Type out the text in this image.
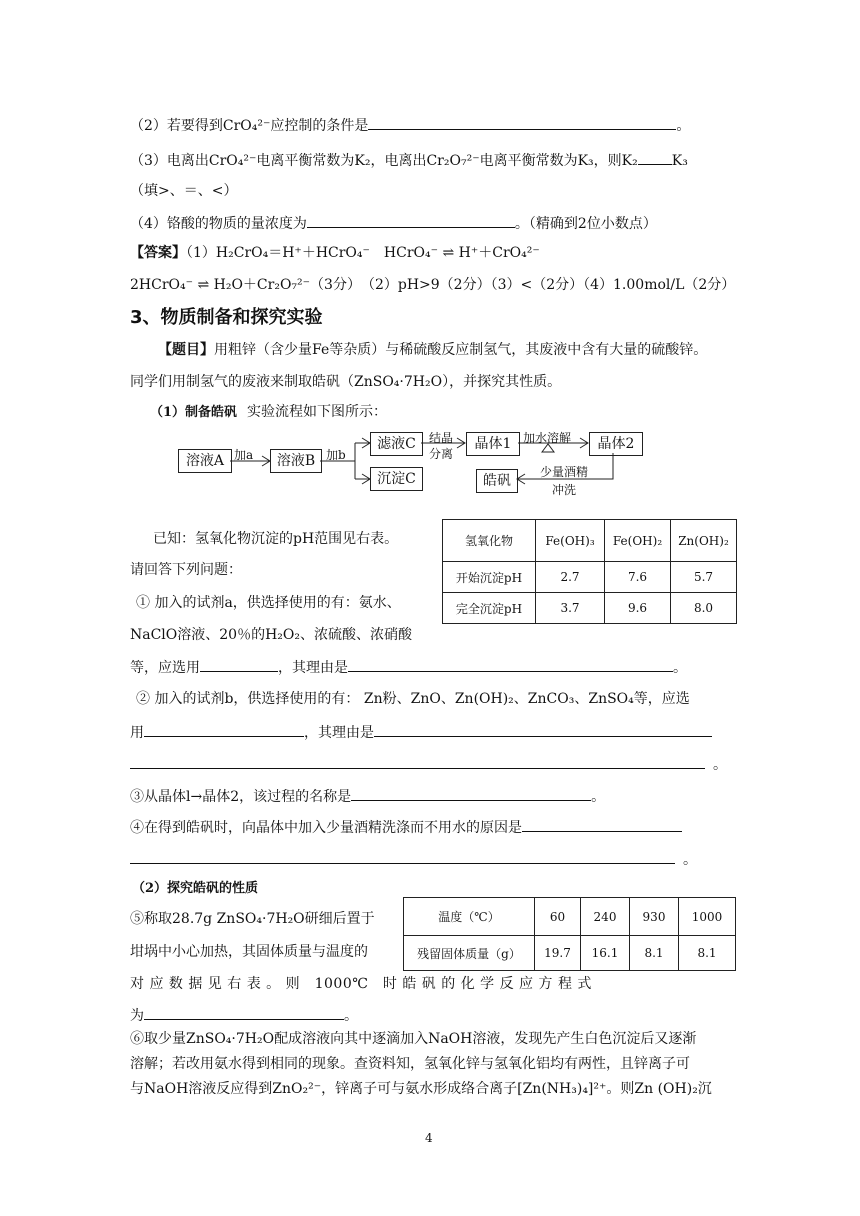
（2）若要得到CrO₄²⁻应控制的条件是	。
（3）电离出CrO₄²⁻电离平衡常数为K₂，电离出Cr₂O₇²⁻电离平衡常数为K₃，则K₂ K₃
（填>、＝、<）
（4）铬酸的物质的量浓度为	。（精确到2位小数点）
【答案】（1）H₂CrO₄＝H⁺＋HCrO₄⁻　HCrO₄⁻ ⇌ H⁺＋CrO₄²⁻
2HCrO₄⁻ ⇌ H₂O＋Cr₂O₇²⁻（3分）　（2）pH>9（2分）（3）<（2分）（4）1.00mol/L（2分）
3、物质制备和探究实验
【题目】用粗锌（含少量Fe等杂质）与稀硫酸反应制氢气，其废液中含有大量的硫酸锌。
同学们用制氢气的废液来制取皓矾（ZnSO₄·7H₂O），并探究其性质。
（1）制备皓矾 实验流程如下图所示：
溶液A 加a	溶液B 加b
滤液C
沉淀C
结晶
分离
晶体1 加水溶解	晶体2
少量酒精
冲洗
皓矾
氢氧化物	Fe(OH)₃	Fe(OH)₂	Zn(OH)₂
开始沉淀pH	2.7	7.6	5.7
完全沉淀pH	3.7	9.6	8.0
已知：氢氧化物沉淀的pH范围见右表。
请回答下列问题：
① 加入的试剂a，供选择使用的有：氨水、
NaClO溶液、20％的H₂O₂、浓硫酸、浓硝酸
等，应选用	，其理由是	。
② 加入的试剂b，供选择使用的有： Zn粉、ZnO、Zn(OH)₂、ZnCO₃、ZnSO₄等，应选
用	，其理由是
。
③从晶体l→晶体2，该过程的名称是	。
④在得到皓矾时，向晶体中加入少量酒精洗涤而不用水的原因是
。
（2）探究皓矾的性质
温度（℃）	60	240	930	1000
残留固体质量（g）	19.7	16.1	8.1	8.1
⑤称取28.7g ZnSO₄·7H₂O研细后置于
坩埚中小心加热，其固体质量与温度的
对 应 数 据 见 右 表 。 则　1000℃　时 皓 矾 的 化 学 反 应 方 程 式
为	。
⑥取少量ZnSO₄·7H₂O配成溶液向其中逐滴加入NaOH溶液，发现先产生白色沉淀后又逐渐
溶解；若改用氨水得到相同的现象。查资料知，氢氧化锌与氢氧化铝均有两性，且锌离子可
与NaOH溶液反应得到ZnO₂²⁻，锌离子可与氨水形成络合离子[Zn(NH₃)₄]²⁺。则Zn (OH)₂沉
4
